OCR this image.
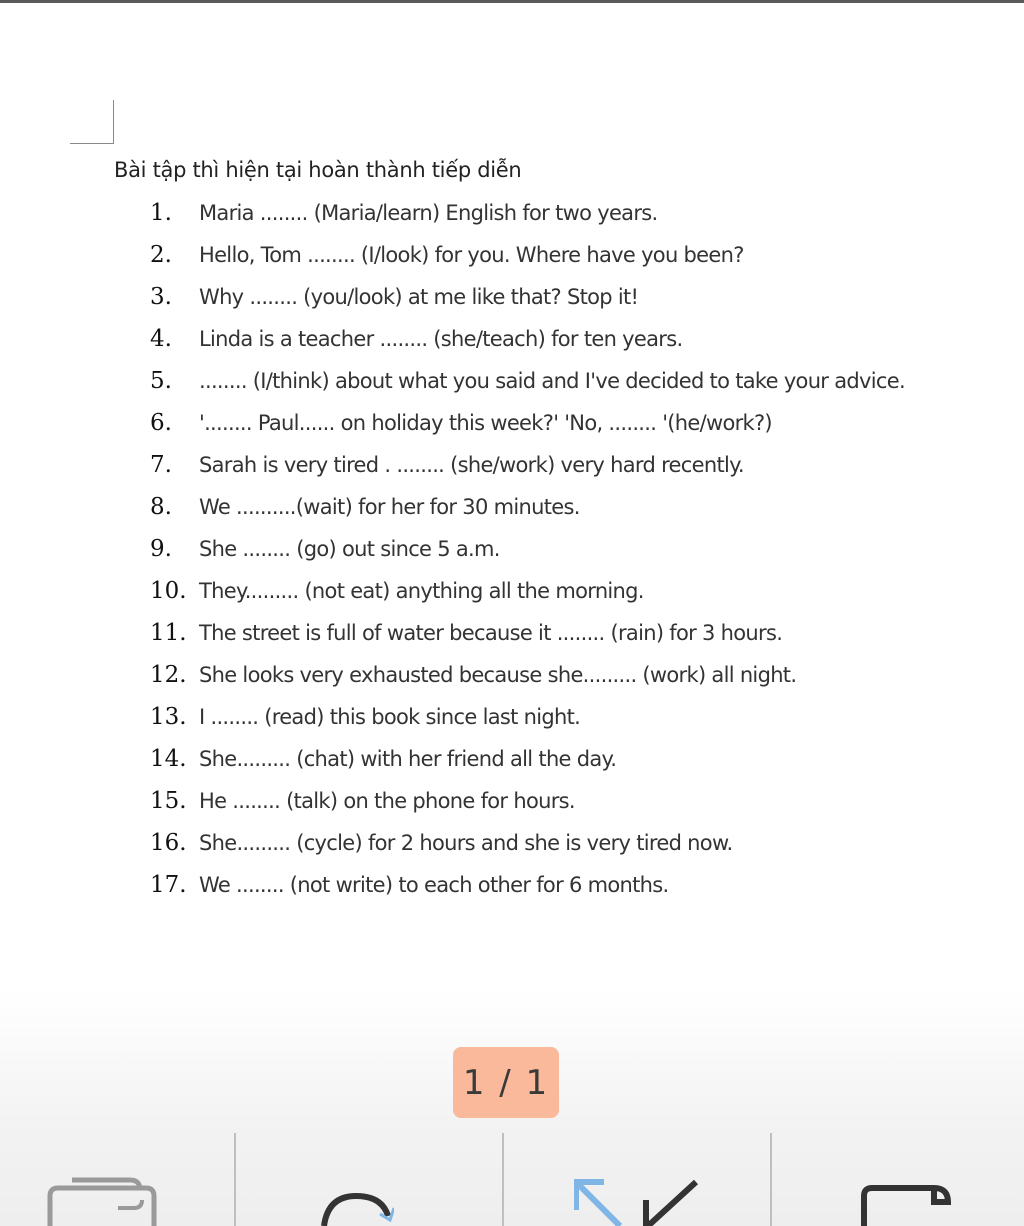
Bài tập thì hiện tại hoàn thành tiếp diễn
1. Maria ........ (Maria/learn) English for two years.
2. Hello, Tom ........ (I/look) for you. Where have you been?
3. Why ........ (you/look) at me like that? Stop it!
4. Linda is a teacher ........ (she/teach) for ten years.
5. ........ (I/think) about what you said and I've decided to take your advice.
6. '........ Paul...... on holiday this week?' 'No, ........ '(he/work?)
7. Sarah is very tired . ........ (she/work) very hard recently.
8. We ..........(wait) for her for 30 minutes.
9. She ........ (go) out since 5 a.m.
10. They......... (not eat) anything all the morning.
11. The street is full of water because it ........ (rain) for 3 hours.
12. She looks very exhausted because she......... (work) all night.
13. I ........ (read) this book since last night.
14. She......... (chat) with her friend all the day.
15. He ........ (talk) on the phone for hours.
16. She......... (cycle) for 2 hours and she is very tired now.
17. We ........ (not write) to each other for 6 months.
1 / 1
